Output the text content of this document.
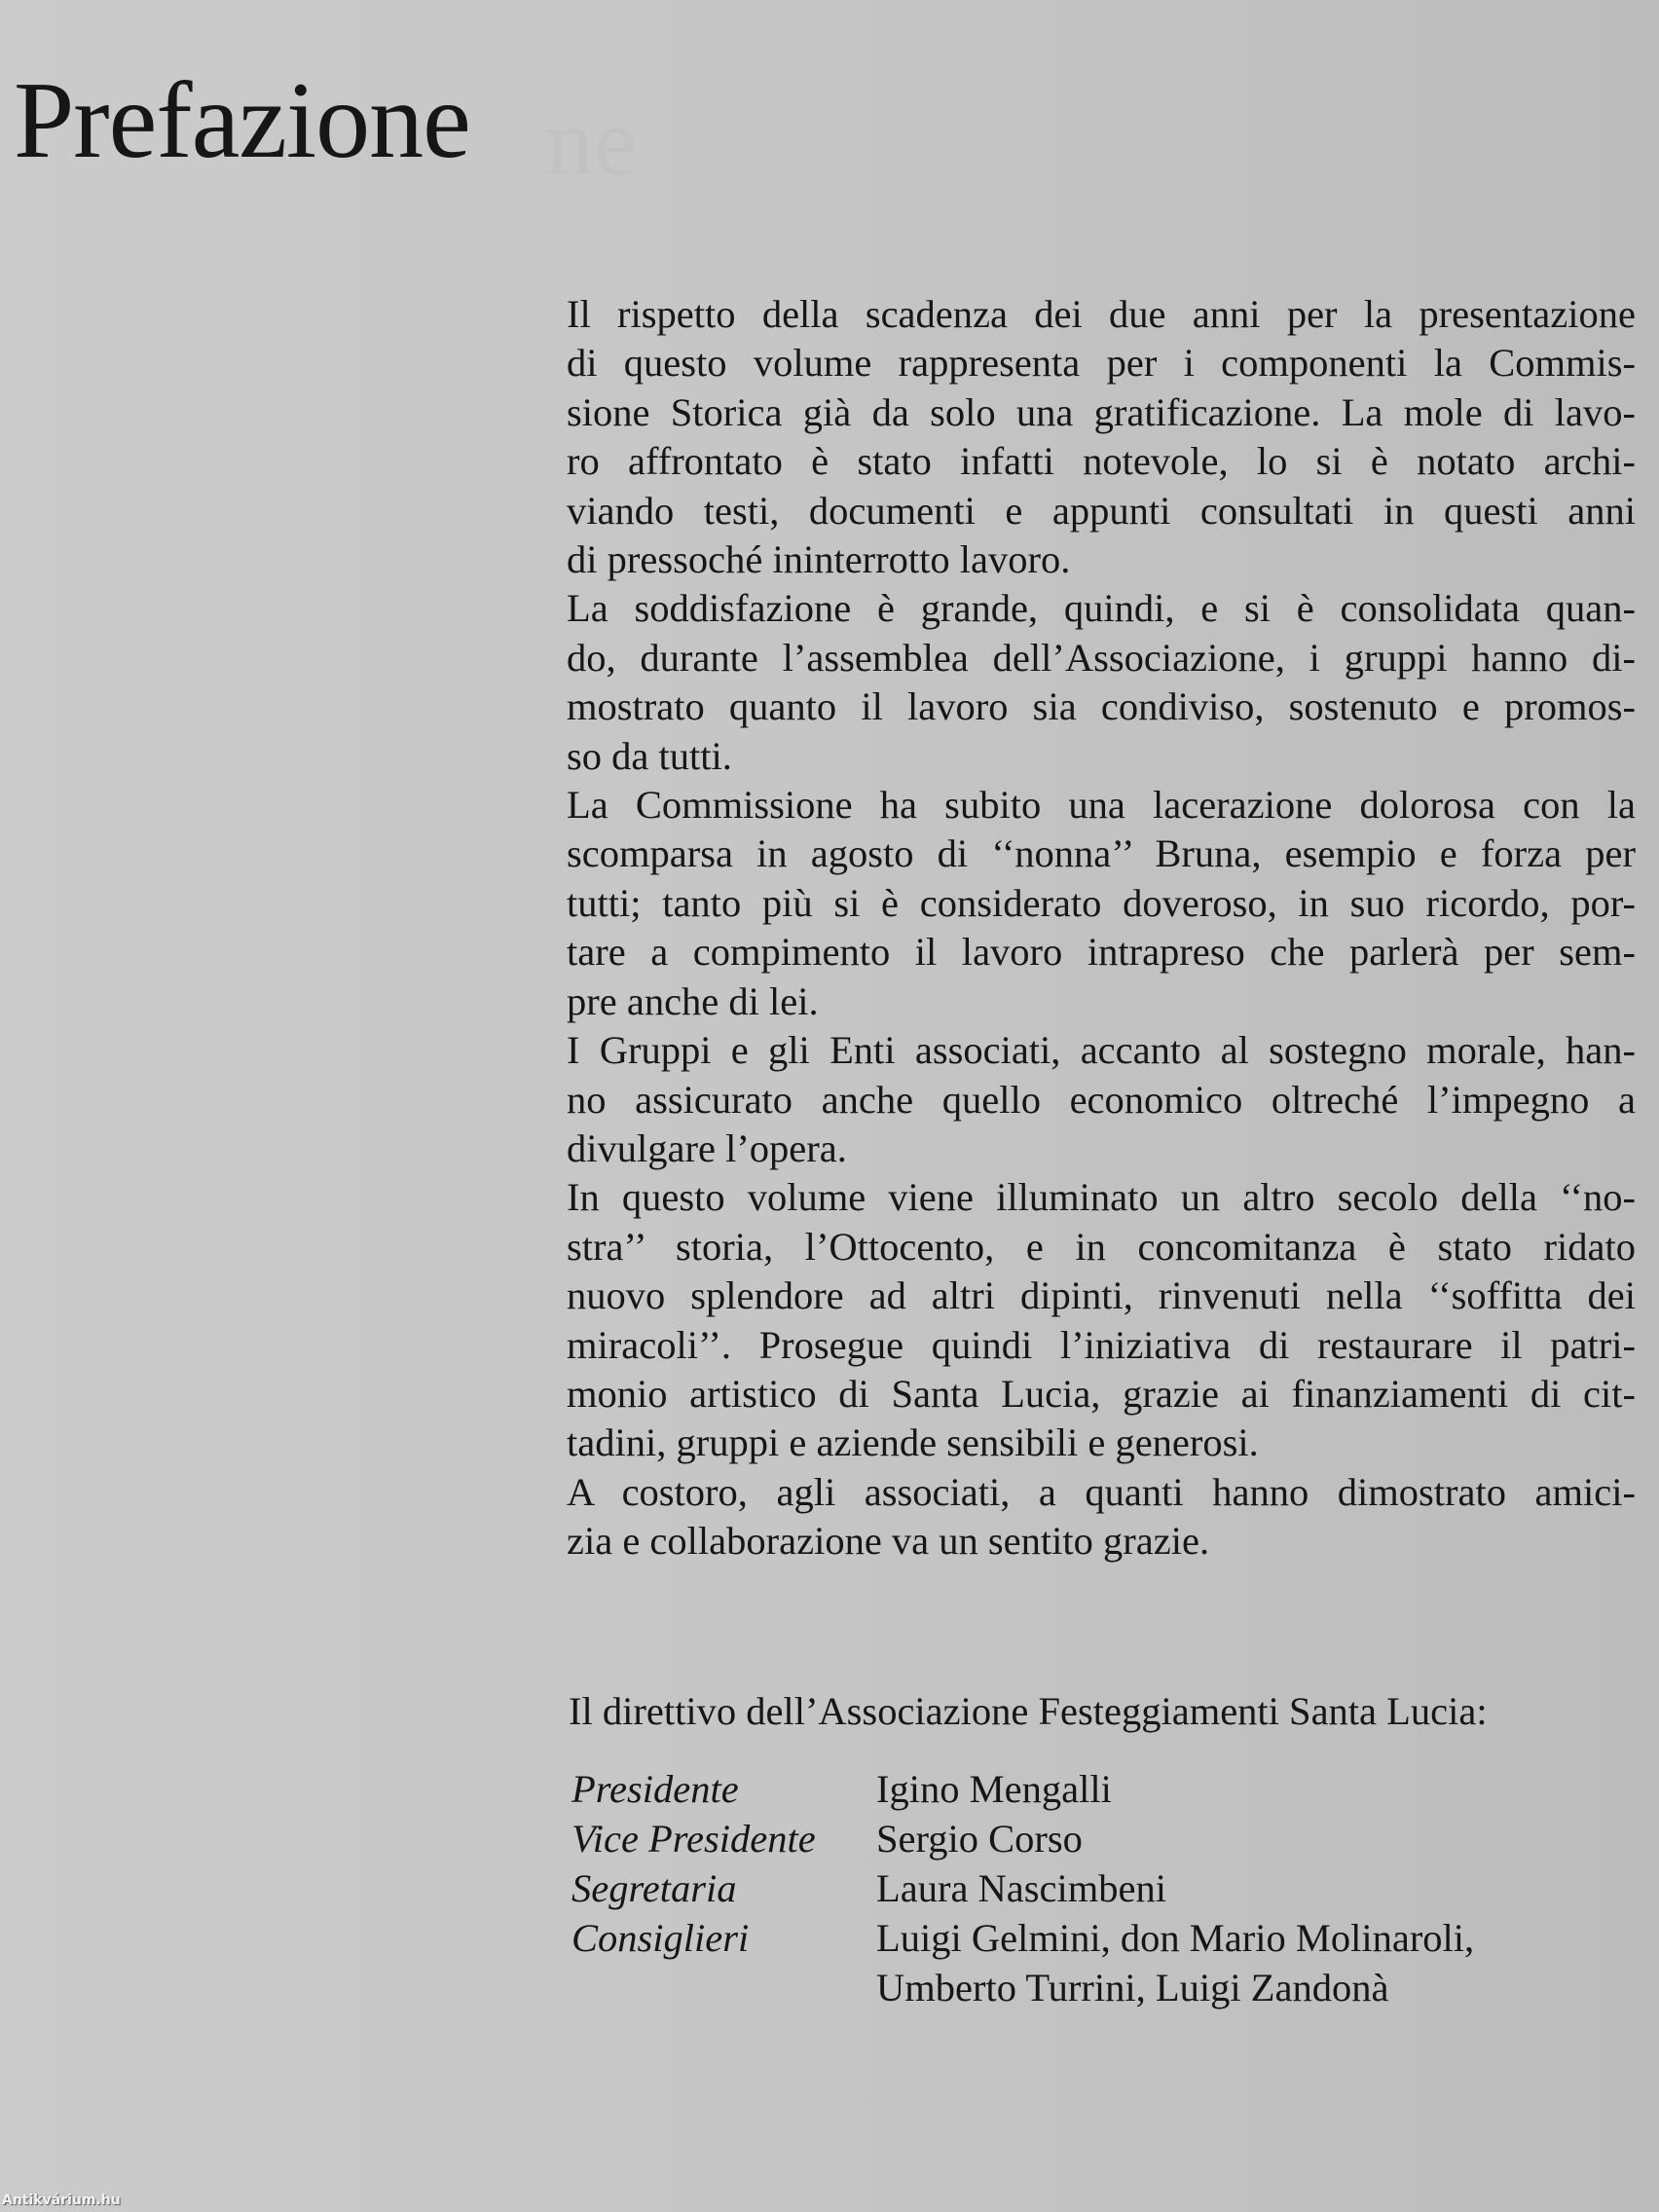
ne
Prefazione
Il rispetto della scadenza dei due anni per la presentazione
di questo volume rappresenta per i componenti la Commis-
sione Storica già da solo una gratificazione. La mole di lavo-
ro affrontato è stato infatti notevole, lo si è notato archi-
viando testi, documenti e appunti consultati in questi anni
di pressoché ininterrotto lavoro.
La soddisfazione è grande, quindi, e si è consolidata quan-
do, durante l’assemblea dell’Associazione, i gruppi hanno di-
mostrato quanto il lavoro sia condiviso, sostenuto e promos-
so da tutti.
La Commissione ha subito una lacerazione dolorosa con la
scomparsa in agosto di ‘‘nonna’’ Bruna, esempio e forza per
tutti; tanto più si è considerato doveroso, in suo ricordo, por-
tare a compimento il lavoro intrapreso che parlerà per sem-
pre anche di lei.
I Gruppi e gli Enti associati, accanto al sostegno morale, han-
no assicurato anche quello economico oltreché l’impegno a
divulgare l’opera.
In questo volume viene illuminato un altro secolo della ‘‘no-
stra’’ storia, l’Ottocento, e in concomitanza è stato ridato
nuovo splendore ad altri dipinti, rinvenuti nella ‘‘soffitta dei
miracoli’’. Prosegue quindi l’iniziativa di restaurare il patri-
monio artistico di Santa Lucia, grazie ai finanziamenti di cit-
tadini, gruppi e aziende sensibili e generosi.
A costoro, agli associati, a quanti hanno dimostrato amici-
zia e collaborazione va un sentito grazie.
Il direttivo dell’Associazione Festeggiamenti Santa Lucia:
Presidente	Igino Mengalli
Vice Presidente	Sergio Corso
Segretaria	Laura Nascimbeni
Consiglieri	Luigi Gelmini, don Mario Molinaroli,
Umberto Turrini, Luigi Zandonà
Antikvárium.hu
